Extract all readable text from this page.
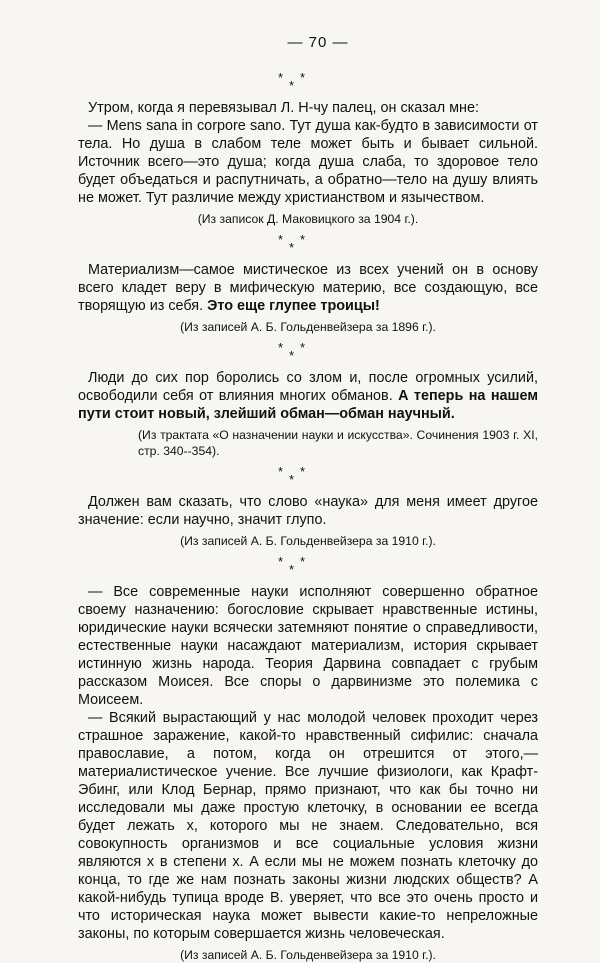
— 70 —
*
*
*

Утром, когда я перевязывал Л. Н-чу палец, он сказал мне:

— Mens sana in corpore sano. Тут душа как-будто в зависимости от тела. Но душа в слабом теле может быть и бывает сильной. Источник всего—это душа; когда душа слаба, то здоровое тело будет объедаться и распутничать, а обратно—тело на душу влиять не может. Тут различие между христианством и язычеством.

(Из записок Д. Маковицкого за 1904 г.).
*
*
*

Материализм—самое мистическое из всех учений он в основу всего кладет веру в мифическую материю, все создающую, все творящую из себя. Это еще глупее троицы!

(Из записей А. Б. Гольденвейзера за 1896 г.).
*
*
*

Люди до сих пор боролись со злом и, после огромных усилий, освободили себя от влияния многих обманов. А теперь на нашем пути стоит новый, злейший обман—обман научный.

(Из трактата «О назначении науки и искусства». Сочинения 1903 г. XI, стр. 340--354).
*
*
*

Должен вам сказать, что слово «наука» для меня имеет другое значение: если научно, значит глупо.

(Из записей А. Б. Гольденвейзера за 1910 г.).
*
*
*

— Все современные науки исполняют совершенно обратное своему назначению: богословие скрывает нравственные истины, юридические науки всячески затемняют понятие о справедливости, естественные науки насаждают материализм, история скрывает истинную жизнь народа. Теория Дарвина совпадает с грубым рассказом Моисея. Все споры о дарвинизме это полемика с Моисеем.

— Всякий вырастающий у нас молодой человек проходит через страшное заражение, какой-то нравственный сифилис: сначала православие, а потом, когда он отрешится от этого,—материалистическое учение. Все лучшие физиологи, как Крафт-Эбинг, или Клод Бернар, прямо признают, что как бы точно ни исследовали мы даже простую клеточку, в основании ее всегда будет лежать x, которого мы не знаем. Следовательно, вся совокупность организмов и все социальные условия жизни являются x в степени x. А если мы не можем познать клеточку до конца, то где же нам познать законы жизни людских обществ? А какой-нибудь тупица вроде В. уверяет, что все это очень просто и что историческая наука может вывести какие-то непреложные законы, по которым совершается жизнь человеческая.

(Из записей А. Б. Гольденвейзера за 1910 г.).
